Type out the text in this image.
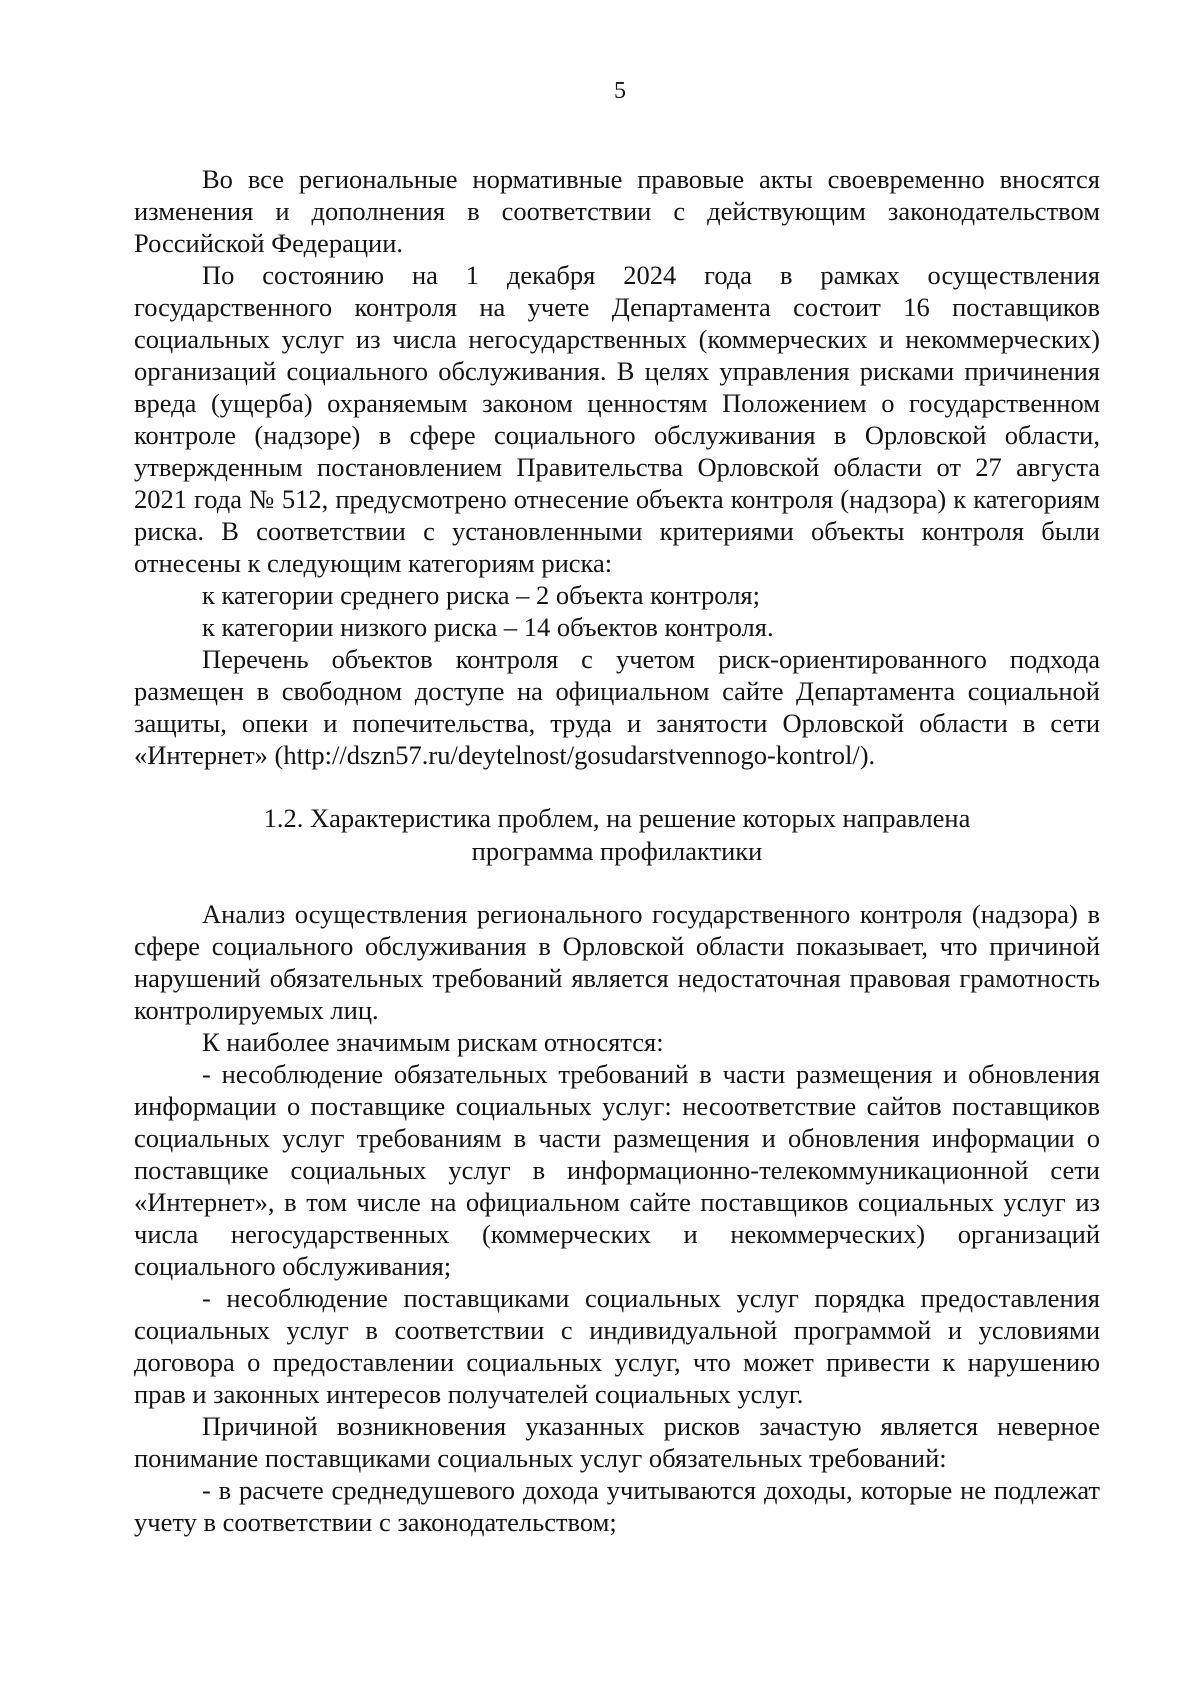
5

Во все региональные нормативные правовые акты своевременно вносятся изменения и дополнения в соответствии с действующим законодательством Российской Федерации.

По состоянию на 1 декабря 2024 года в рамках осуществления государственного контроля на учете Департамента состоит 16 поставщиков социальных услуг из числа негосударственных (коммерческих и некоммерческих) организаций социального обслуживания. В целях управления рисками причинения вреда (ущерба) охраняемым законом ценностям Положением о государственном контроле (надзоре) в сфере социального обслуживания в Орловской области, утвержденным постановлением Правительства Орловской области от 27 августа 2021 года № 512, предусмотрено отнесение объекта контроля (надзора) к категориям риска. В соответствии с установленными критериями объекты контроля были отнесены к следующим категориям риска:

к категории среднего риска – 2 объекта контроля;

к категории низкого риска – 14 объектов контроля.

Перечень объектов контроля с учетом риск-ориентированного подхода размещен в свободном доступе на официальном сайте Департамента социальной защиты, опеки и попечительства, труда и занятости Орловской области в сети «Интернет» (http://dszn57.ru/deytelnost/gosudarstvennogo-kontrol/).

1.2. Характеристика проблем, на решение которых направлена
программа профилактики

Анализ осуществления регионального государственного контроля (надзора) в сфере социального обслуживания в Орловской области показывает, что причиной нарушений обязательных требований является недостаточная правовая грамотность контролируемых лиц.

К наиболее значимым рискам относятся:

- несоблюдение обязательных требований в части размещения и обновления информации о поставщике социальных услуг: несоответствие сайтов поставщиков социальных услуг требованиям в части размещения и обновления информации о поставщике социальных услуг в информационно-телекоммуникационной сети «Интернет», в том числе на официальном сайте поставщиков социальных услуг из числа негосударственных (коммерческих и некоммерческих) организаций социального обслуживания;

- несоблюдение поставщиками социальных услуг порядка предоставления социальных услуг в соответствии с индивидуальной программой и условиями договора о предоставлении социальных услуг, что может привести к нарушению прав и законных интересов получателей социальных услуг.

Причиной возникновения указанных рисков зачастую является неверное понимание поставщиками социальных услуг обязательных требований:

- в расчете среднедушевого дохода учитываются доходы, которые не подлежат учету в соответствии с законодательством;
